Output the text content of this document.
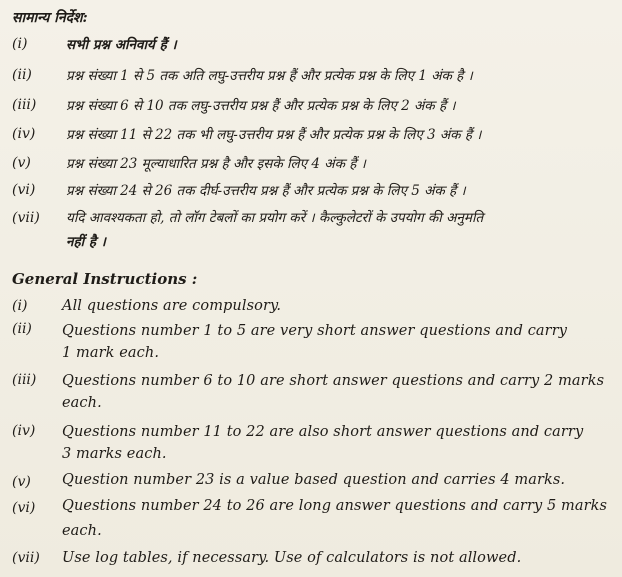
सामान्य निर्देश:
(i)	सभी प्रश्न अनिवार्य हैं ।
(ii)	प्रश्न संख्या 1 से 5 तक अति लघु-उत्तरीय प्रश्न हैं और प्रत्येक प्रश्न के लिए 1 अंक है ।
(iii) प्रश्न संख्या 6 से 10 तक लघु-उत्तरीय प्रश्न हैं और प्रत्येक प्रश्न के लिए 2 अंक हैं ।
(iv) प्रश्न संख्या 11 से 22 तक भी लघु-उत्तरीय प्रश्न हैं और प्रत्येक प्रश्न के लिए 3 अंक हैं ।
(v)	प्रश्न संख्या 23 मूल्याधारित प्रश्न है और इसके लिए 4 अंक हैं ।
(vi) प्रश्न संख्या 24 से 26 तक दीर्घ-उत्तरीय प्रश्न हैं और प्रत्येक प्रश्न के लिए 5 अंक हैं ।
(vii) यदि आवश्यकता हो, तो लॉग टेबलों का प्रयोग करें । कैल्कुलेटरों के उपयोग की अनुमति
नहीं है ।
General Instructions :
(i) All questions are compulsory.
(ii) Questions number 1 to 5 are very short answer questions and carry
1 mark each.
(iii) Questions number 6 to 10 are short answer questions and carry 2 marks
each.
(iv) Questions number 11 to 22 are also short answer questions and carry
3 marks each.
(v) Question number 23 is a value based question and carries 4 marks.
(vi) Questions number 24 to 26 are long answer questions and carry 5 marks
each.
(vii) Use log tables, if necessary. Use of calculators is not allowed.
